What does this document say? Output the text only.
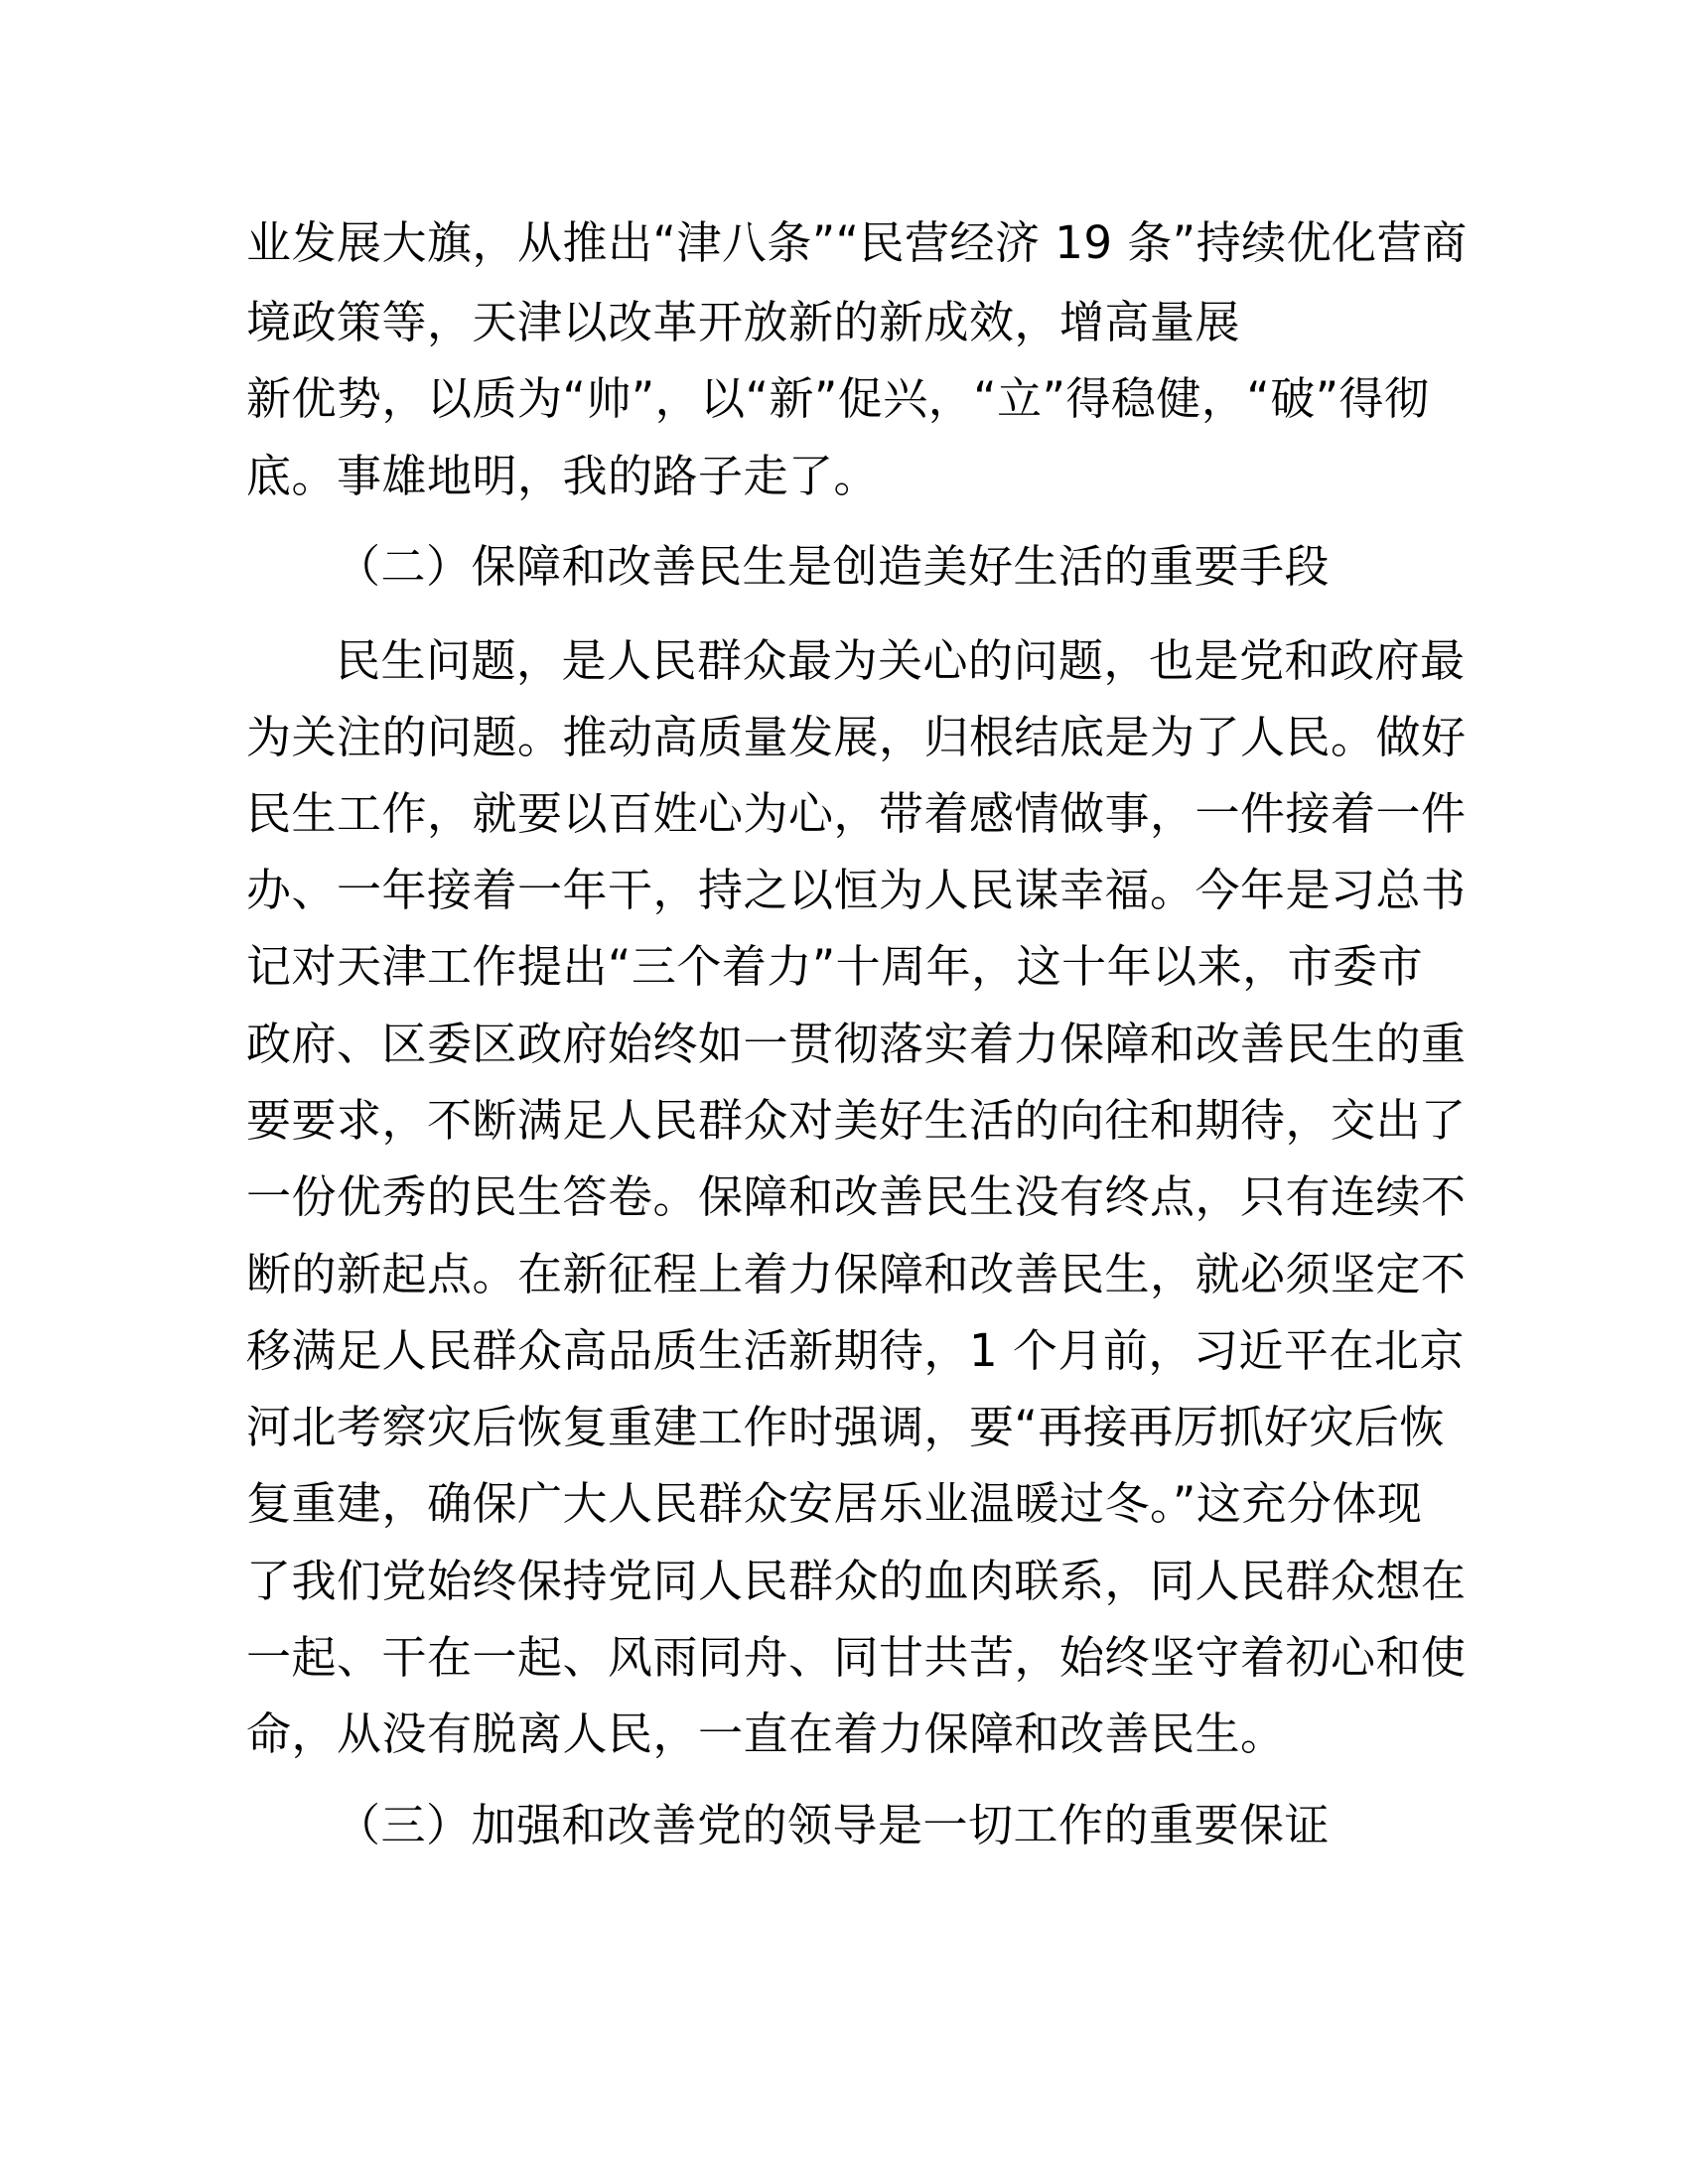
业发展大旗，从推出“津八条”“民营经济 19 条”持续优化营商
境政策等，天津以改革开放新的新成效，增高量展
新优势，以质为“帅”，以“新”促兴，“立”得稳健，“破”得彻
底。事雄地明，我的路子走了。
（二）保障和改善民生是创造美好生活的重要手段
民生问题，是人民群众最为关心的问题，也是党和政府最
为关注的问题。推动高质量发展，归根结底是为了人民。做好
民生工作，就要以百姓心为心，带着感情做事，一件接着一件
办、一年接着一年干，持之以恒为人民谋幸福。今年是习总书
记对天津工作提出“三个着力”十周年，这十年以来，市委市
政府、区委区政府始终如一贯彻落实着力保障和改善民生的重
要要求，不断满足人民群众对美好生活的向往和期待，交出了
一份优秀的民生答卷。保障和改善民生没有终点，只有连续不
断的新起点。在新征程上着力保障和改善民生，就必须坚定不
移满足人民群众高品质生活新期待，1 个月前，习近平在北京
河北考察灾后恢复重建工作时强调，要“再接再厉抓好灾后恢
复重建，确保广大人民群众安居乐业温暖过冬。”这充分体现
了我们党始终保持党同人民群众的血肉联系，同人民群众想在
一起、干在一起、风雨同舟、同甘共苦，始终坚守着初心和使
命，从没有脱离人民，一直在着力保障和改善民生。
（三）加强和改善党的领导是一切工作的重要保证
